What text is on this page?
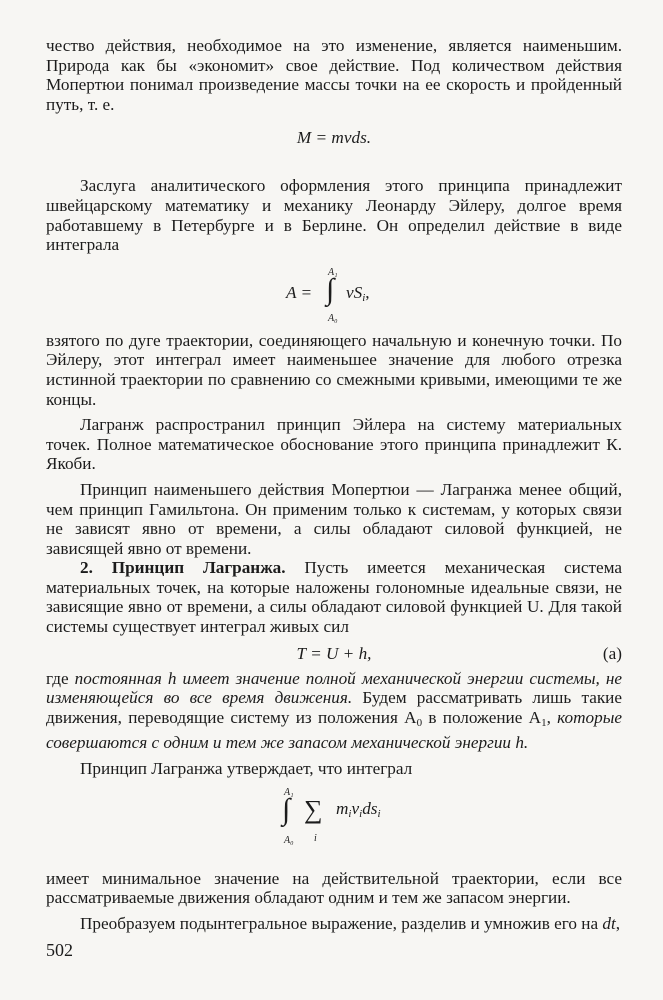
чество действия, необходимое на это изменение, является наименьшим. Природа как бы «экономит» свое действие. Под количеством действия Мопертюи понимал произведение массы точки на ее скорость и пройденный путь, т. е.

M = mvds.

Заслуга аналитического оформления этого принципа принадлежит швейцарскому математику и механику Леонарду Эйлеру, долгое время работавшему в Петербурге и в Берлине. Он определил действие в виде интеграла

A =
A₁
∫
A₀
$vS_i$,

взятого по дуге траектории, соединяющего начальную и конечную точки. По Эйлеру, этот интеграл имеет наименьшее значение для любого отрезка истинной траектории по сравнению со смежными кривыми, имеющими те же концы.

Лагранж распространил принцип Эйлера на систему материальных точек. Полное математическое обоснование этого принципа принадлежит К. Якоби.

Принцип наименьшего действия Мопертюи — Лагранжа менее общий, чем принцип Гамильтона. Он применим только к системам, у которых связи не зависят явно от времени, а силы обладают силовой функцией, не зависящей явно от времени.

2. Принцип Лагранжа. Пусть имеется механическая система материальных точек, на которые наложены голономные идеальные связи, не зависящие явно от времени, а силы обладают силовой функцией U. Для такой системы существует интеграл живых сил

T = U + h,	(a)

где постоянная h имеет значение полной механической энергии системы, не изменяющейся во все время движения. Будем рассматривать лишь такие движения, переводящие систему из положения $A_0$ в положение $A_1$, которые совершаются с одним и тем же запасом механической энергии h.

Принцип Лагранжа утверждает, что интеграл

A₁
∫
A₀
∑
i
$m_iv_ids_i$

имеет минимальное значение на действительной траектории, если все рассматриваемые движения обладают одним и тем же запасом энергии.

Преобразуем подынтегральное выражение, разделив и умножив его на dt,

502
